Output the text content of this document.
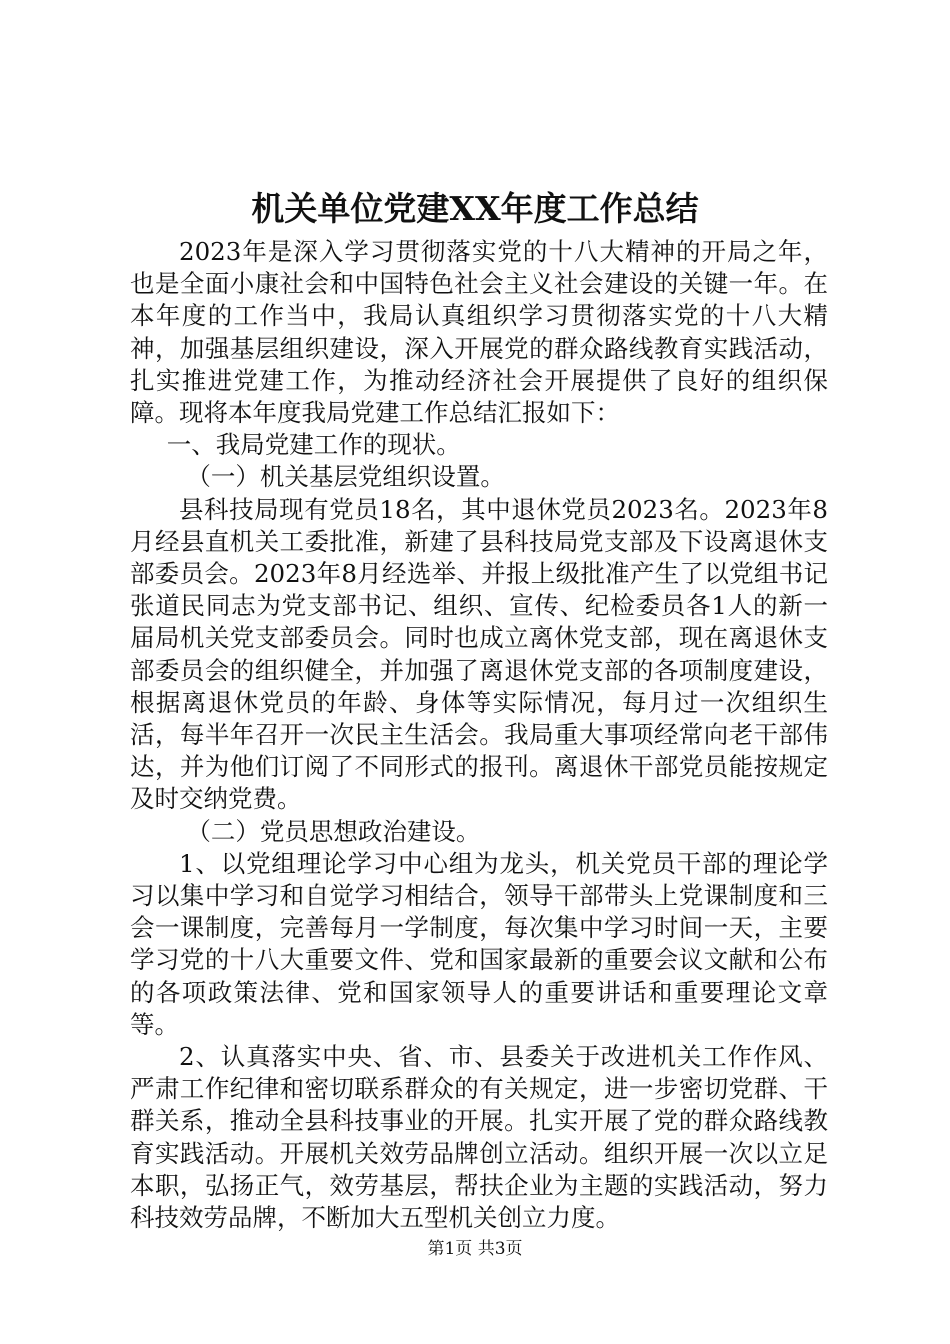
机关单位党建XX年度工作总结

2023年是深入学习贯彻落实党的十八大精神的开局之年，也是全面小康社会和中国特色社会主义社会建设的关键一年。在本年度的工作当中，我局认真组织学习贯彻落实党的十八大精神，加强基层组织建设，深入开展党的群众路线教育实践活动，扎实推进党建工作，为推动经济社会开展提供了良好的组织保障。现将本年度我局党建工作总结汇报如下：

一、我局党建工作的现状。

（一）机关基层党组织设置。

县科技局现有党员18名，其中退休党员2023名。2023年8月经县直机关工委批准，新建了县科技局党支部及下设离退休支部委员会。2023年8月经选举、并报上级批准产生了以党组书记张道民同志为党支部书记、组织、宣传、纪检委员各1人的新一届局机关党支部委员会。同时也成立离休党支部，现在离退休支部委员会的组织健全，并加强了离退休党支部的各项制度建设，根据离退休党员的年龄、身体等实际情况，每月过一次组织生活，每半年召开一次民主生活会。我局重大事项经常向老干部伟达，并为他们订阅了不同形式的报刊。离退休干部党员能按规定及时交纳党费。

（二）党员思想政治建设。

1、以党组理论学习中心组为龙头，机关党员干部的理论学习以集中学习和自觉学习相结合，领导干部带头上党课制度和三会一课制度，完善每月一学制度，每次集中学习时间一天，主要学习党的十八大重要文件、党和国家最新的重要会议文献和公布的各项政策法律、党和国家领导人的重要讲话和重要理论文章等。

2、认真落实中央、省、市、县委关于改进机关工作作风、严肃工作纪律和密切联系群众的有关规定，进一步密切党群、干群关系，推动全县科技事业的开展。扎实开展了党的群众路线教育实践活动。开展机关效劳品牌创立活动。组织开展一次以立足本职，弘扬正气，效劳基层，帮扶企业为主题的实践活动，努力科技效劳品牌，不断加大五型机关创立力度。

第1页 共3页
